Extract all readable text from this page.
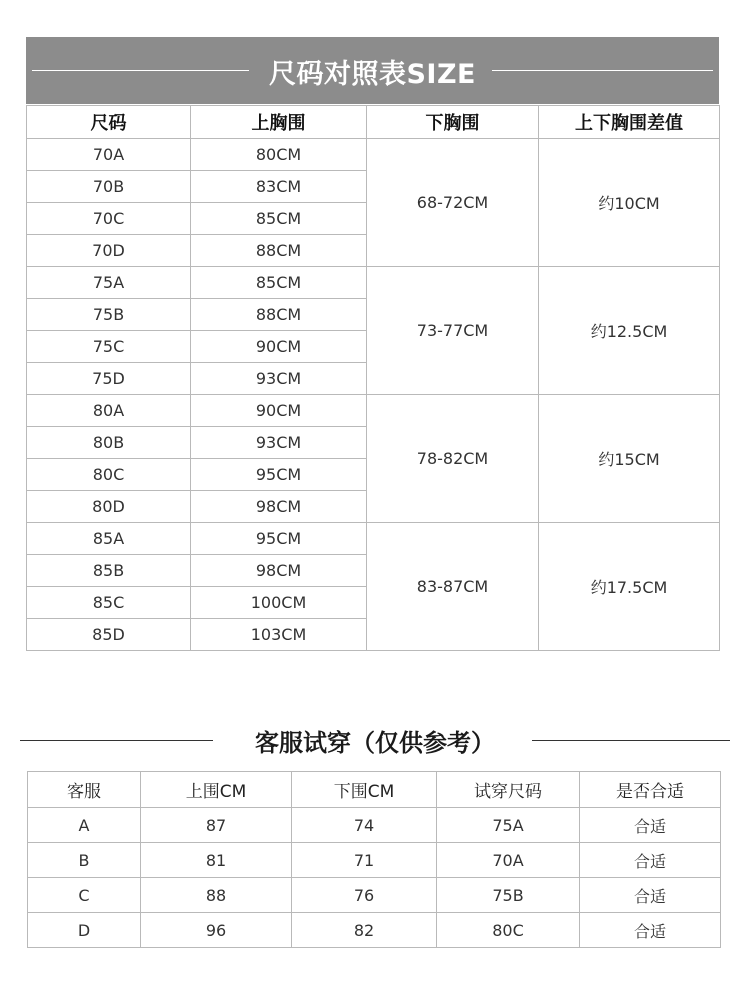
尺码对照表SIZE
尺码	上胸围	下胸围	上下胸围差值
70A	80CM	68-72CM	约10CM
70B	83CM		
70C	85CM		
70D	88CM		
75A	85CM	73-77CM	约12.5CM
75B	88CM		
75C	90CM		
75D	93CM		
80A	90CM	78-82CM	约15CM
80B	93CM		
80C	95CM		
80D	98CM		
85A	95CM	83-87CM	约17.5CM
85B	98CM		
85C	100CM		
85D	103CM		
客服试穿（仅供参考）
客服	上围CM	下围CM	试穿尺码	是否合适
A	87	74	75A	合适
B	81	71	70A	合适
C	88	76	75B	合适
D	96	82	80C	合适
